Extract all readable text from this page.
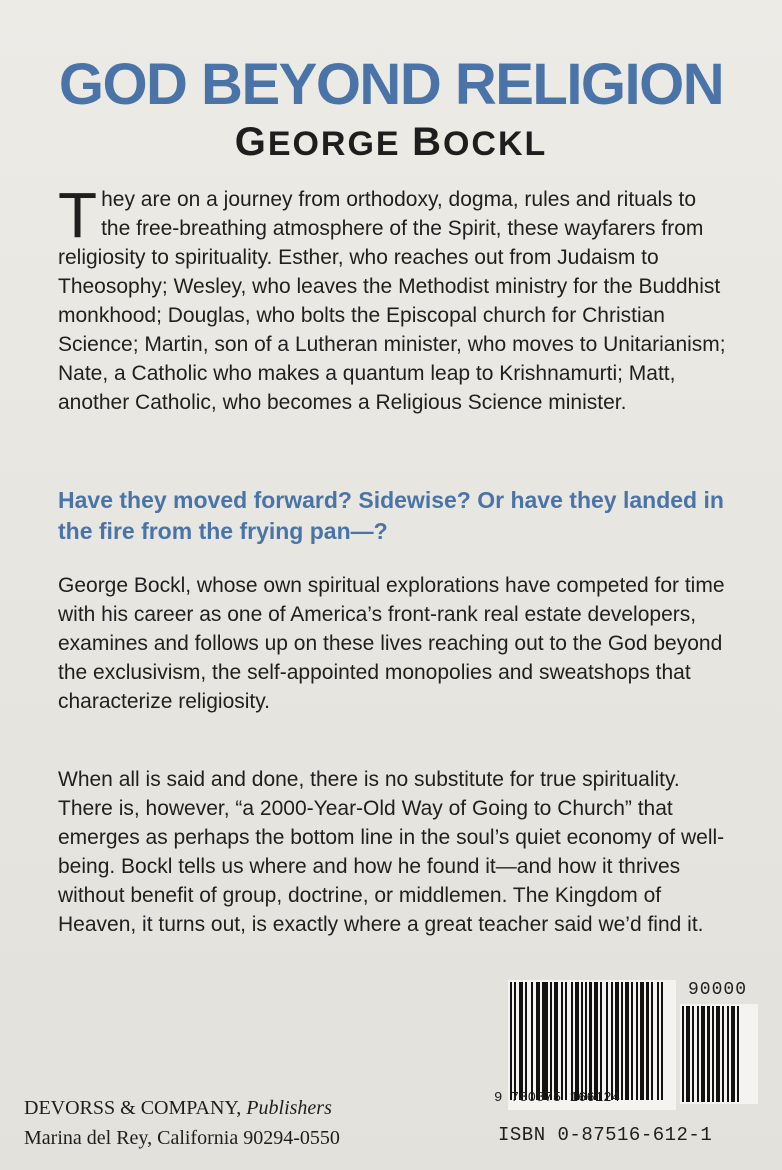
GOD BEYOND RELIGION
GEORGE BOCKL
They are on a journey from orthodoxy, dogma, rules and rituals to the free-breathing atmosphere of the Spirit, these wayfarers from religiosity to spirituality. Esther, who reaches out from Judaism to Theosophy; Wesley, who leaves the Methodist ministry for the Buddhist monkhood; Douglas, who bolts the Episcopal church for Christian Science; Martin, son of a Lutheran minister, who moves to Unitarianism; Nate, a Catholic who makes a quantum leap to Krishnamurti; Matt, another Catholic, who becomes a Religious Science minister.
Have they moved forward? Sidewise? Or have they landed in the fire from the frying pan—?
George Bockl, whose own spiritual explorations have competed for time with his career as one of America’s front-rank real estate developers, examines and follows up on these lives reaching out to the God beyond the exclusivism, the self-appointed monopolies and sweatshops that characterize religiosity.
When all is said and done, there is no substitute for true spirituality. There is, however, “a 2000-Year-Old Way of Going to Church” that emerges as perhaps the bottom line in the soul’s quiet economy of well-being. Bockl tells us where and how he found it—and how it thrives without benefit of group, doctrine, or middlemen. The Kingdom of Heaven, it turns out, is exactly where a great teacher said we’d find it.
DEVORSS & COMPANY, Publishers
Marina del Rey, California 90294-0550
90000
9 780875 166124
ISBN 0-87516-612-1
